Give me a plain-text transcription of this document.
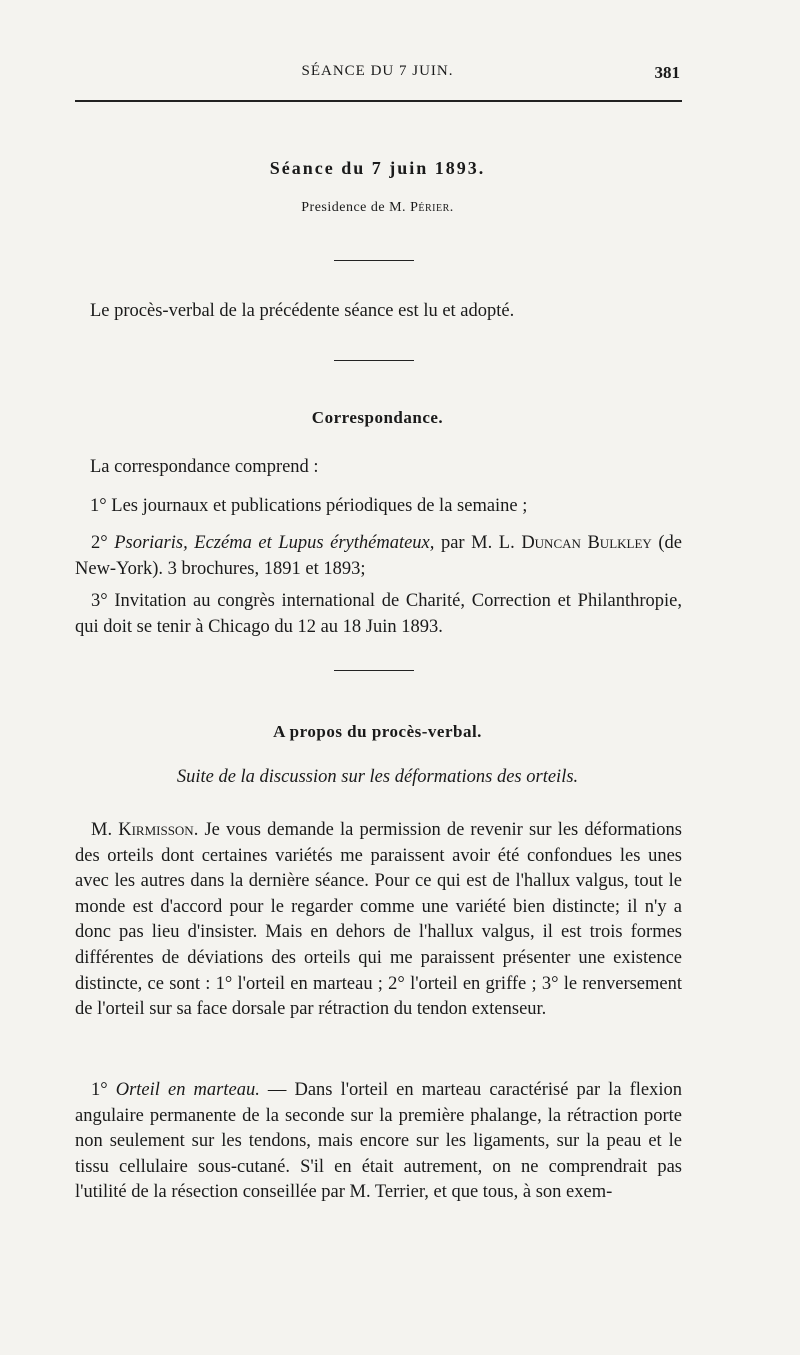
SÉANCE DU 7 JUIN.	381
Séance du 7 juin 1893.
Presidence de M. Périer.
Le procès-verbal de la précédente séance est lu et adopté.
Correspondance.
La correspondance comprend :
1° Les journaux et publications périodiques de la semaine ;
2° Psoriaris, Eczéma et Lupus érythémateux, par M. L. Duncan Bulkley (de New-York). 3 brochures, 1891 et 1893;
3° Invitation au congrès international de Charité, Correction et Philanthropie, qui doit se tenir à Chicago du 12 au 18 Juin 1893.
A propos du procès-verbal.
Suite de la discussion sur les déformations des orteils.
M. Kirmisson. Je vous demande la permission de revenir sur les déformations des orteils dont certaines variétés me paraissent avoir été confondues les unes avec les autres dans la dernière séance. Pour ce qui est de l'hallux valgus, tout le monde est d'accord pour le regarder comme une variété bien distincte; il n'y a donc pas lieu d'insister. Mais en dehors de l'hallux valgus, il est trois formes différentes de déviations des orteils qui me paraissent présenter une existence distincte, ce sont : 1° l'orteil en marteau ; 2° l'orteil en griffe ; 3° le renversement de l'orteil sur sa face dorsale par rétraction du tendon extenseur.
1° Orteil en marteau. — Dans l'orteil en marteau caractérisé par la flexion angulaire permanente de la seconde sur la première phalange, la rétraction porte non seulement sur les tendons, mais encore sur les ligaments, sur la peau et le tissu cellulaire sous-cutané. S'il en était autrement, on ne comprendrait pas l'utilité de la résection conseillée par M. Terrier, et que tous, à son exem-
